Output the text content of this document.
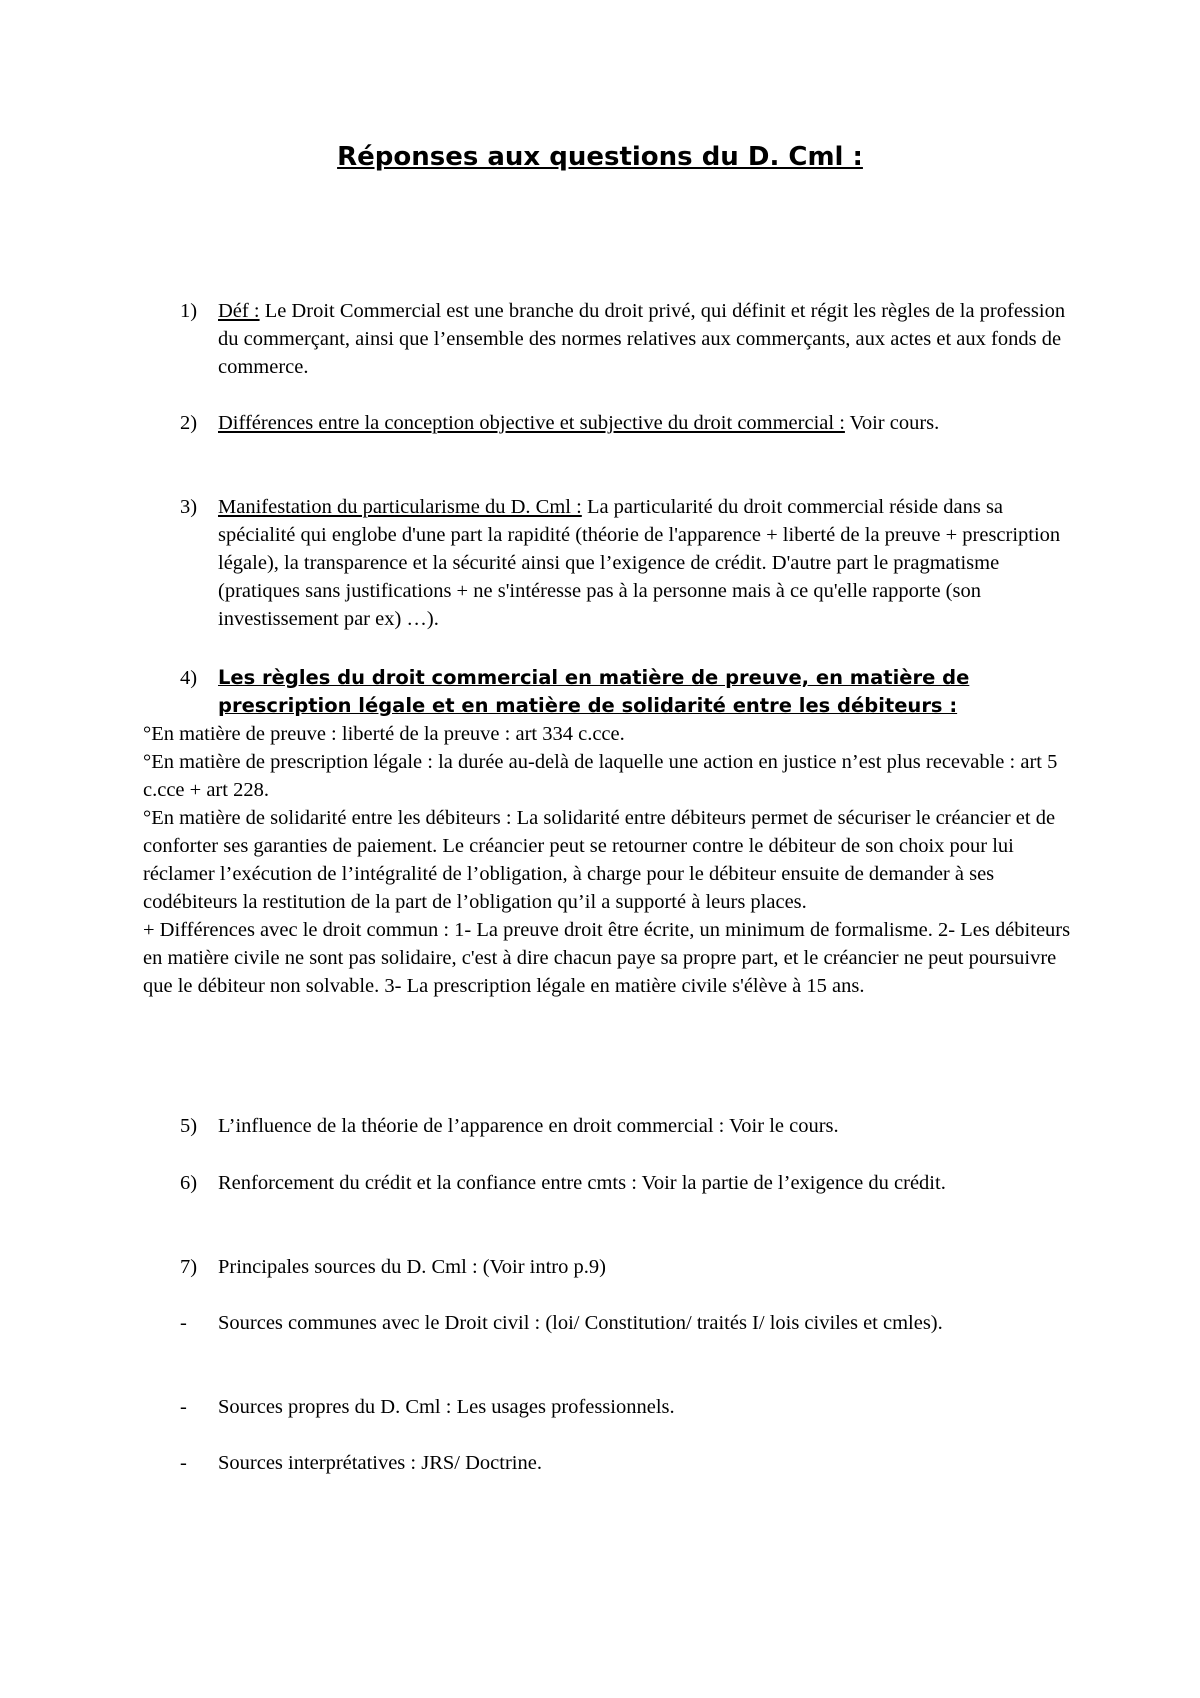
Réponses aux questions du D. Cml :
1)	Déf : Le Droit Commercial est une branche du droit privé, qui définit et régit les règles de la profession du commerçant, ainsi que l’ensemble des normes relatives aux commerçants, aux actes et aux fonds de commerce.
2)	Différences entre la conception objective et subjective du droit commercial : Voir cours.
3)	Manifestation du particularisme du D. Cml : La particularité du droit commercial réside dans sa spécialité qui englobe d'une part la rapidité (théorie de l'apparence + liberté de la preuve + prescription légale), la transparence et la sécurité ainsi que l’exigence de crédit. D'autre part le pragmatisme (pratiques sans justifications + ne s'intéresse pas à la personne mais à ce qu'elle rapporte (son investissement par ex) …).
4)	Les règles du droit commercial en matière de preuve, en matière de prescription légale et en matière de solidarité entre les débiteurs :

°En matière de preuve : liberté de la preuve : art 334 c.cce.

°En matière de prescription légale : la durée au-delà de laquelle une action en justice n’est plus recevable : art 5 c.cce + art 228.

°En matière de solidarité entre les débiteurs : La solidarité entre débiteurs permet de sécuriser le créancier et de conforter ses garanties de paiement. Le créancier peut se retourner contre le débiteur de son choix pour lui réclamer l’exécution de l’intégralité de l’obligation, à charge pour le débiteur ensuite de demander à ses codébiteurs la restitution de la part de l’obligation qu’il a supporté à leurs places.

+ Différences avec le droit commun : 1- La preuve droit être écrite, un minimum de formalisme. 2- Les débiteurs en matière civile ne sont pas solidaire, c'est à dire chacun paye sa propre part, et le créancier ne peut poursuivre que le débiteur non solvable. 3- La prescription légale en matière civile s'élève à 15 ans.

5)	L’influence de la théorie de l’apparence en droit commercial : Voir le cours.
6)	Renforcement du crédit et la confiance entre cmts : Voir la partie de l’exigence du crédit.
7)	Principales sources du D. Cml : (Voir intro p.9)
-	Sources communes avec le Droit civil : (loi/ Constitution/ traités I/ lois civiles et cmles).
-	Sources propres du D. Cml : Les usages professionnels.
-	Sources interprétatives : JRS/ Doctrine.
